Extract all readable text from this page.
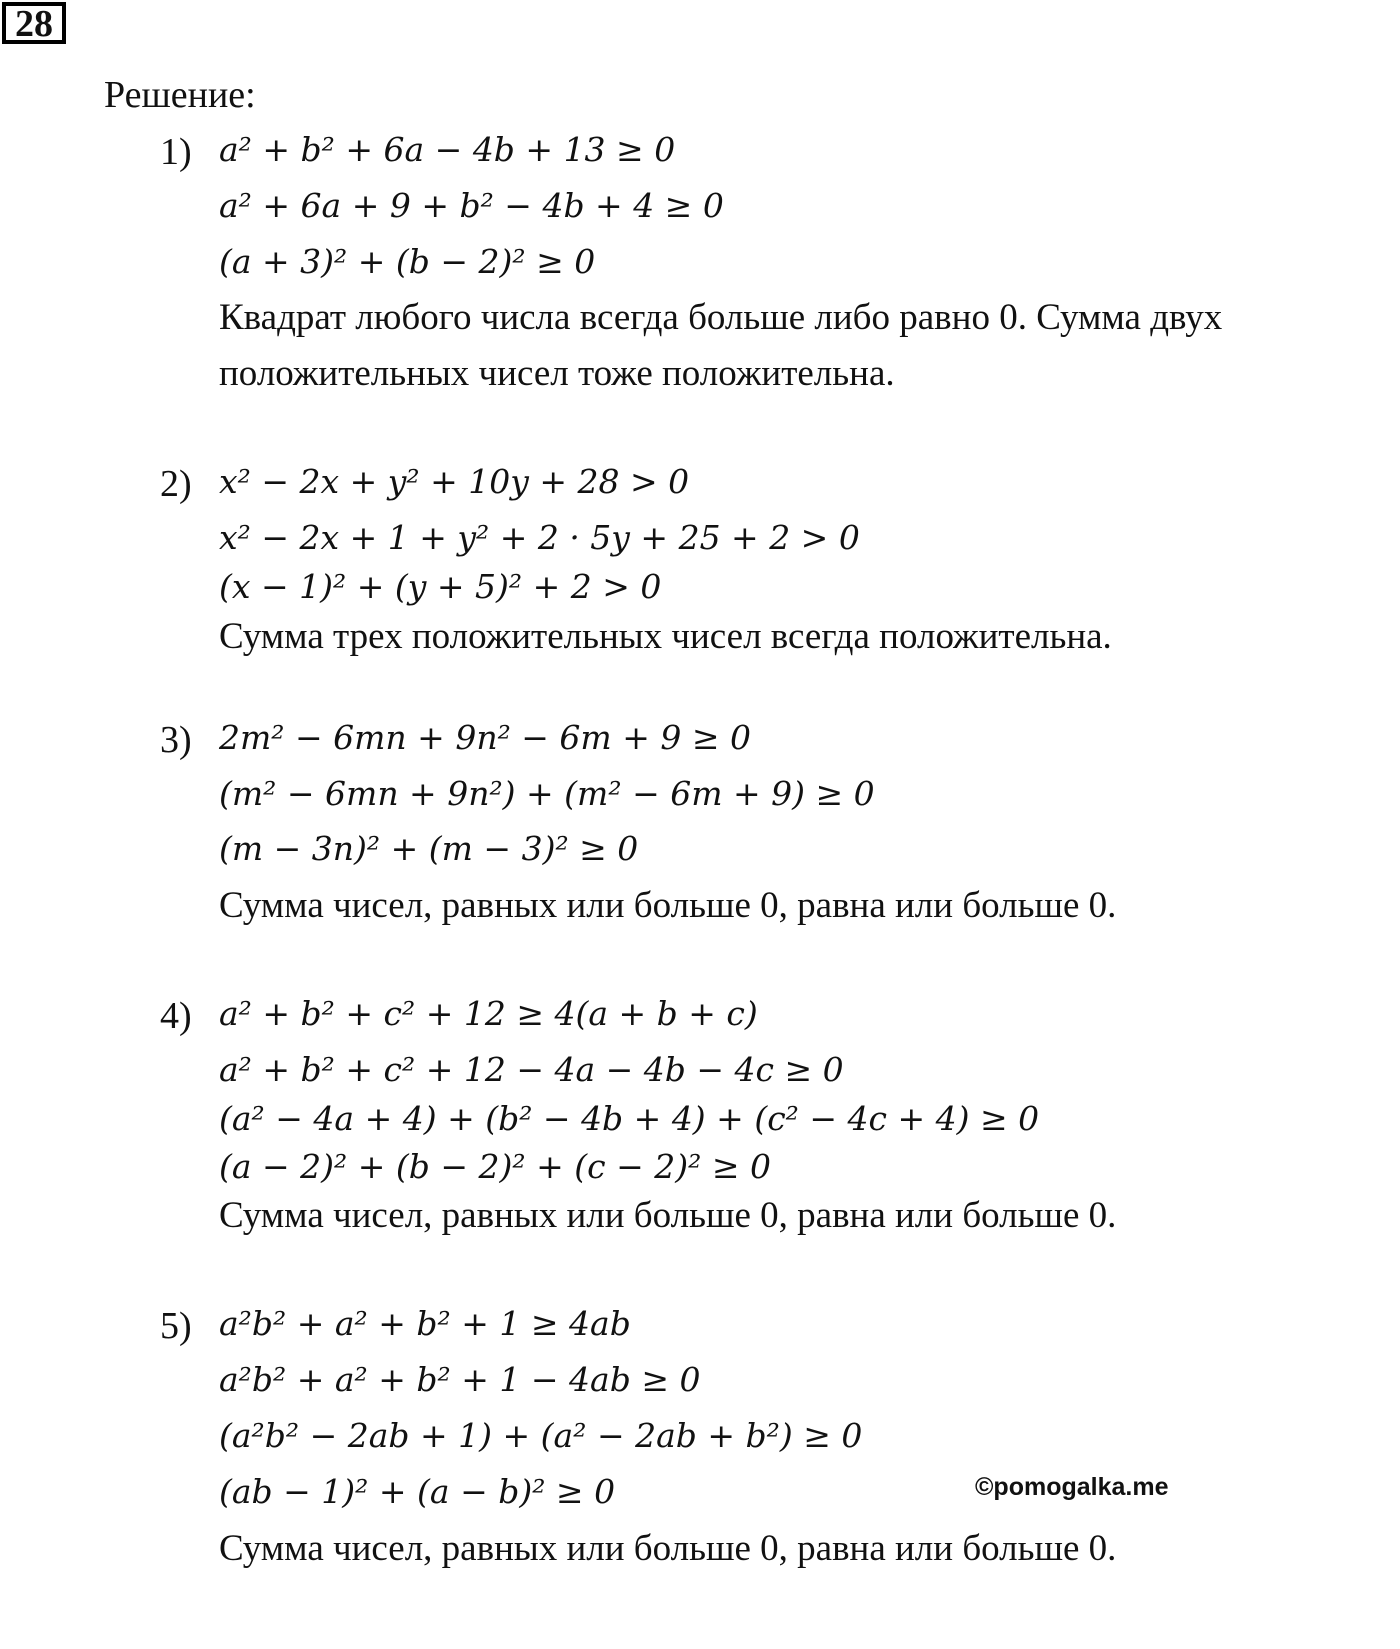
28
Решение:
1) a² + b² + 6a − 4b + 13 ≥ 0
a² + 6a + 9 + b² − 4b + 4 ≥ 0
(a + 3)² + (b − 2)² ≥ 0
Квадрат любого числа всегда больше либо равно 0. Сумма двух
положительных чисел тоже положительна.
2) x² − 2x + y² + 10y + 28 > 0
x² − 2x + 1 + y² + 2 · 5y + 25 + 2 > 0
(x − 1)² + (y + 5)² + 2 > 0
Сумма трех положительных чисел всегда положительна.
3) 2m² − 6mn + 9n² − 6m + 9 ≥ 0
(m² − 6mn + 9n²) + (m² − 6m + 9) ≥ 0
(m − 3n)² + (m − 3)² ≥ 0
Сумма чисел, равных или больше 0, равна или больше 0.
4) a² + b² + c² + 12 ≥ 4(a + b + c)
a² + b² + c² + 12 − 4a − 4b − 4c ≥ 0
(a² − 4a + 4) + (b² − 4b + 4) + (c² − 4c + 4) ≥ 0
(a − 2)² + (b − 2)² + (c − 2)² ≥ 0
Сумма чисел, равных или больше 0, равна или больше 0.
5) a²b² + a² + b² + 1 ≥ 4ab
a²b² + a² + b² + 1 − 4ab ≥ 0
(a²b² − 2ab + 1) + (a² − 2ab + b²) ≥ 0
(ab − 1)² + (a − b)² ≥ 0
Сумма чисел, равных или больше 0, равна или больше 0.
©pomogalka.me
